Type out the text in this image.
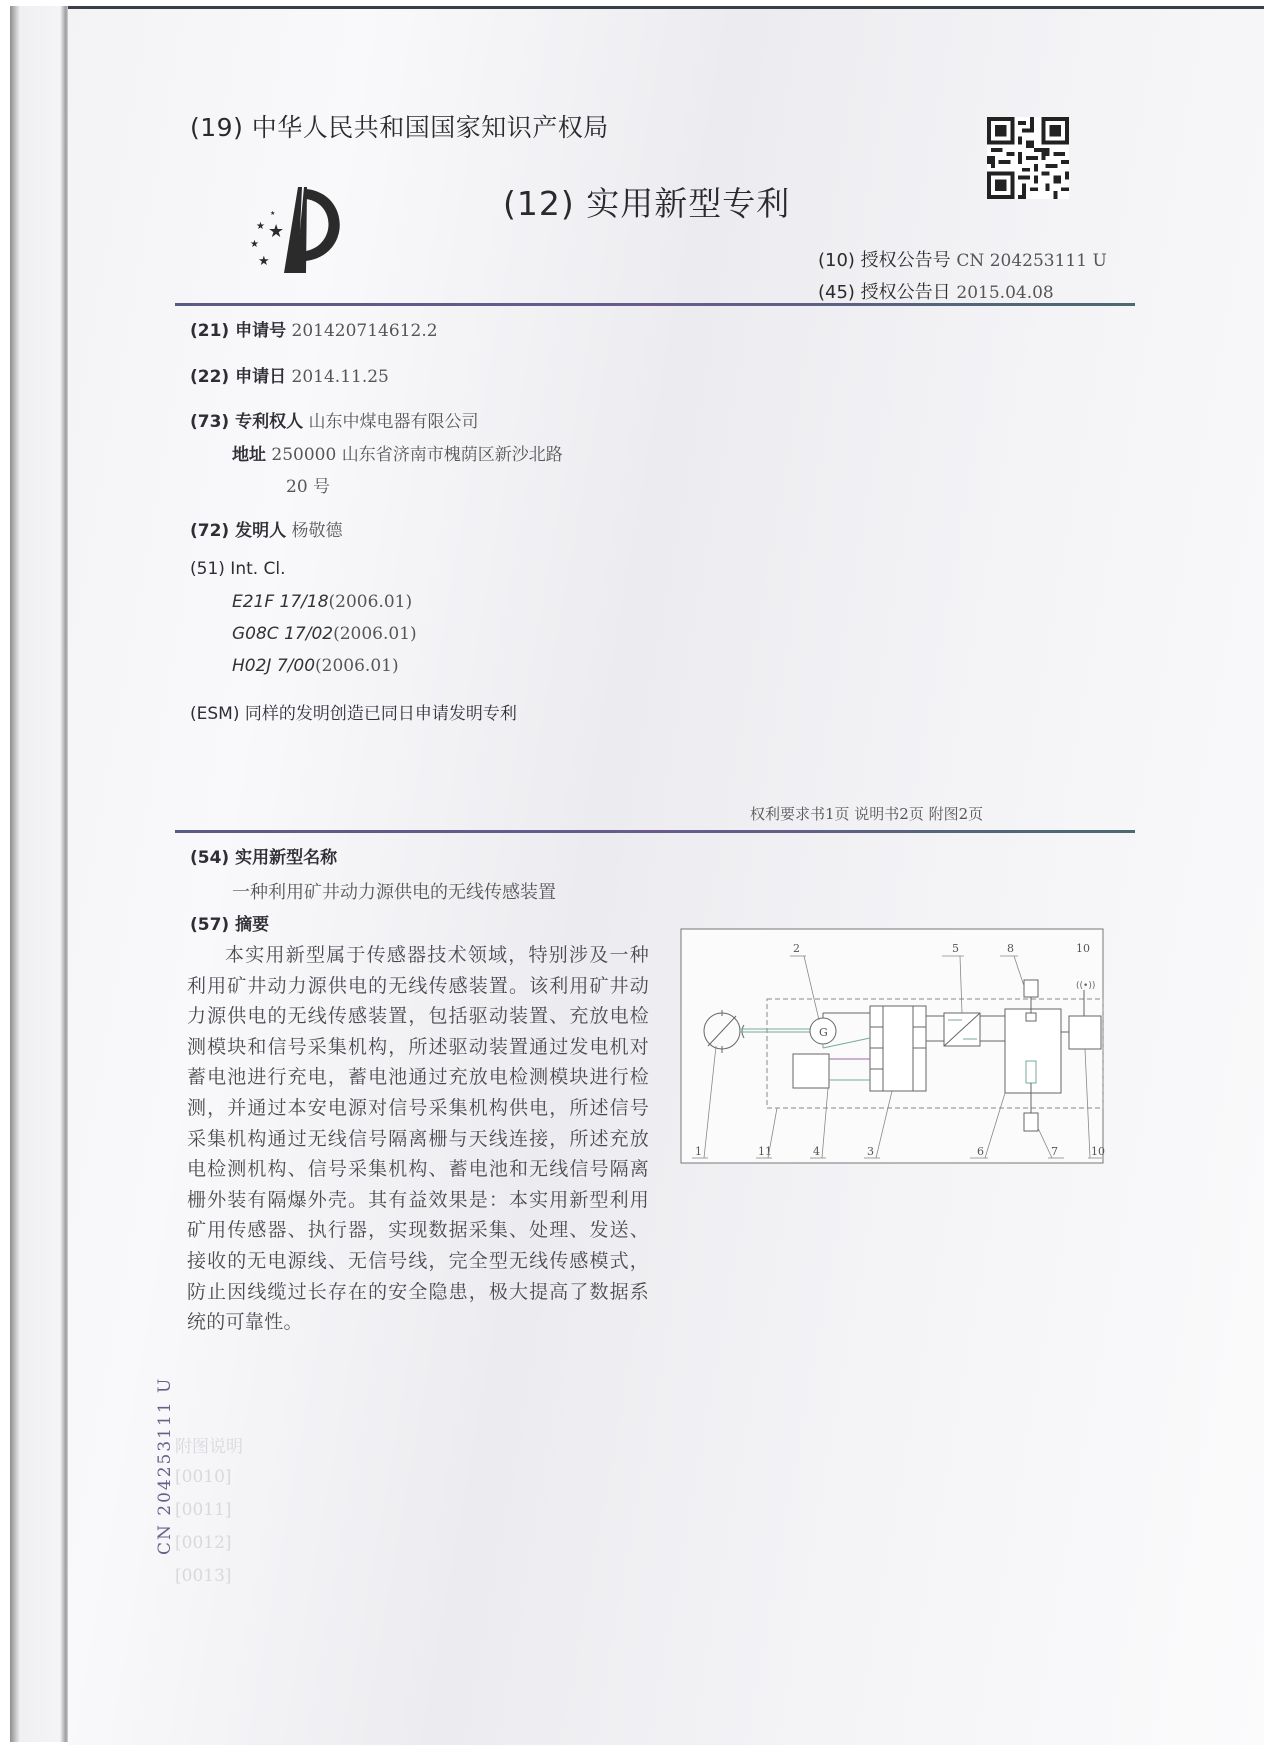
附图说明
[0010]
[0011]
[0012]
[0013]
(19) 中华人民共和国国家知识产权局
★
★
★
★
★	(12) 实用新型专利
(10) 授权公告号 CN 204253111 U
(45) 授权公告日 2015.04.08
(21) 申请号 201420714612.2
(22) 申请日 2014.11.25
(73) 专利权人 山东中煤电器有限公司
地址 250000 山东省济南市槐荫区新沙北路
20 号
(72) 发明人 杨敬德
(51) Int. Cl.
E21F 17/18(2006.01)
G08C 17/02(2006.01)
H02J 7/00(2006.01)
(ESM) 同样的发明创造已同日申请发明专利
权利要求书1页 说明书2页 附图2页
(54) 实用新型名称
一种利用矿井动力源供电的无线传感装置
(57) 摘要
本实用新型属于传感器技术领域，特别涉及一种利用矿井动力源供电的无线传感装置。该利用矿井动力源供电的无线传感装置，包括驱动装置、充放电检测模块和信号采集机构，所述驱动装置通过发电机对蓄电池进行充电，蓄电池通过充放电检测模块进行检测，并通过本安电源对信号采集机构供电，所述信号采集机构通过无线信号隔离栅与天线连接，所述充放电检测机构、信号采集机构、蓄电池和无线信号隔离栅外装有隔爆外壳。其有益效果是：本实用新型利用矿用传感器、执行器，实现数据采集、处理、发送、接收的无电源线、无信号线，完全型无线传感模式，防止因线缆过长存在的安全隐患，极大提高了数据系统的可靠性。
G
((•))
1
2
3
4
5
6	7
8
10
10
11
CN 204253111 U
